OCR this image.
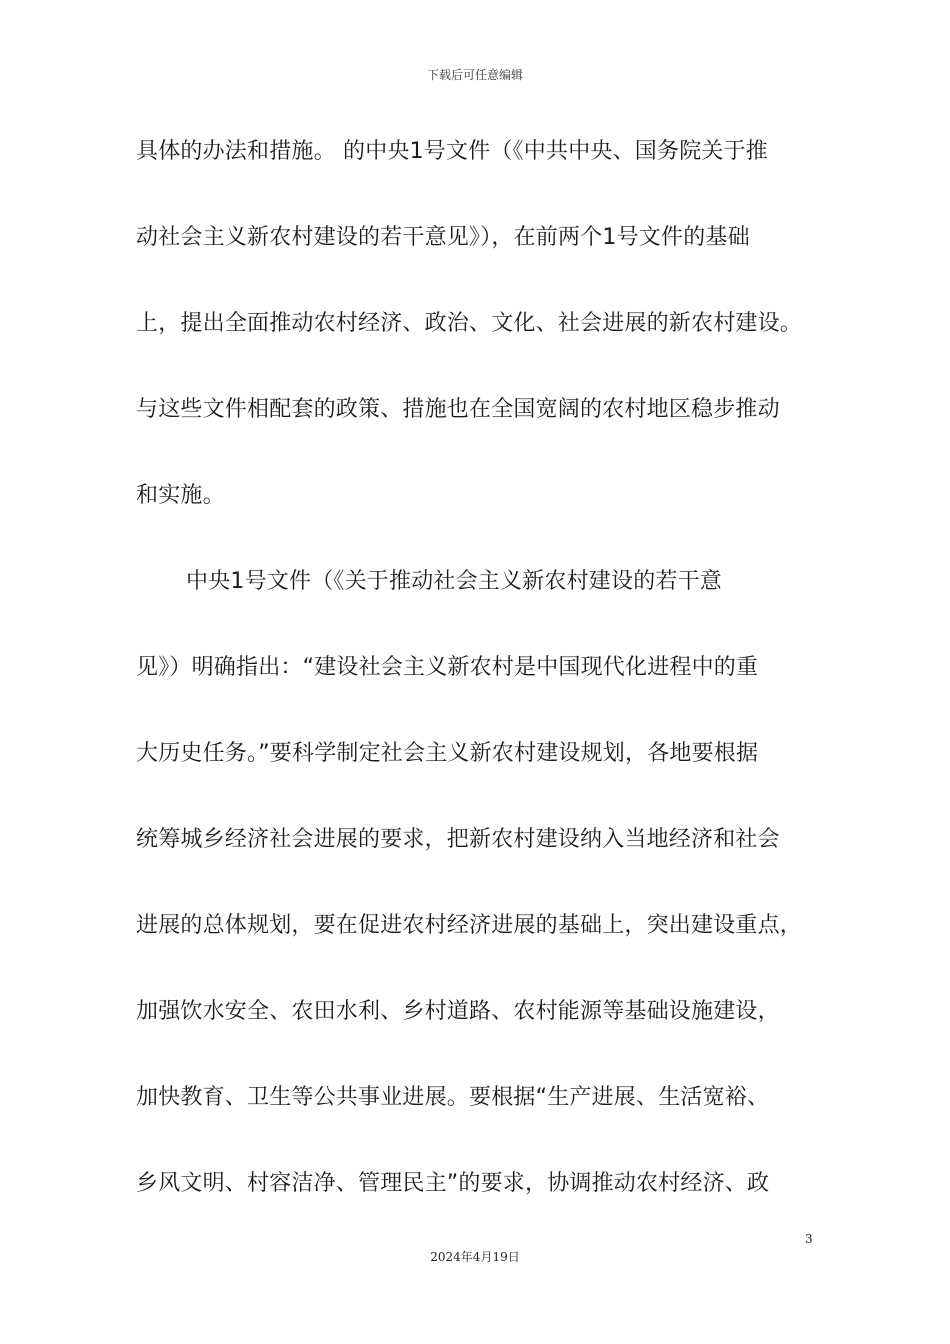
下载后可任意编辑
具体的办法和措施。 的中央1号文件（《中共中央、国务院关于推
动社会主义新农村建设的若干意见》），在前两个1号文件的基础
上，提出全面推动农村经济、政治、文化、社会进展的新农村建设。
与这些文件相配套的政策、措施也在全国宽阔的农村地区稳步推动
和实施。
中央1号文件（《关于推动社会主义新农村建设的若干意
见》）明确指出：“建设社会主义新农村是中国现代化进程中的重
大历史任务。”要科学制定社会主义新农村建设规划，各地要根据
统筹城乡经济社会进展的要求，把新农村建设纳入当地经济和社会
进展的总体规划，要在促进农村经济进展的基础上，突出建设重点，
加强饮水安全、农田水利、乡村道路、农村能源等基础设施建设，
加快教育、卫生等公共事业进展。要根据“生产进展、生活宽裕、
乡风文明、村容洁净、管理民主”的要求，协调推动农村经济、政
3
2024年4月19日
